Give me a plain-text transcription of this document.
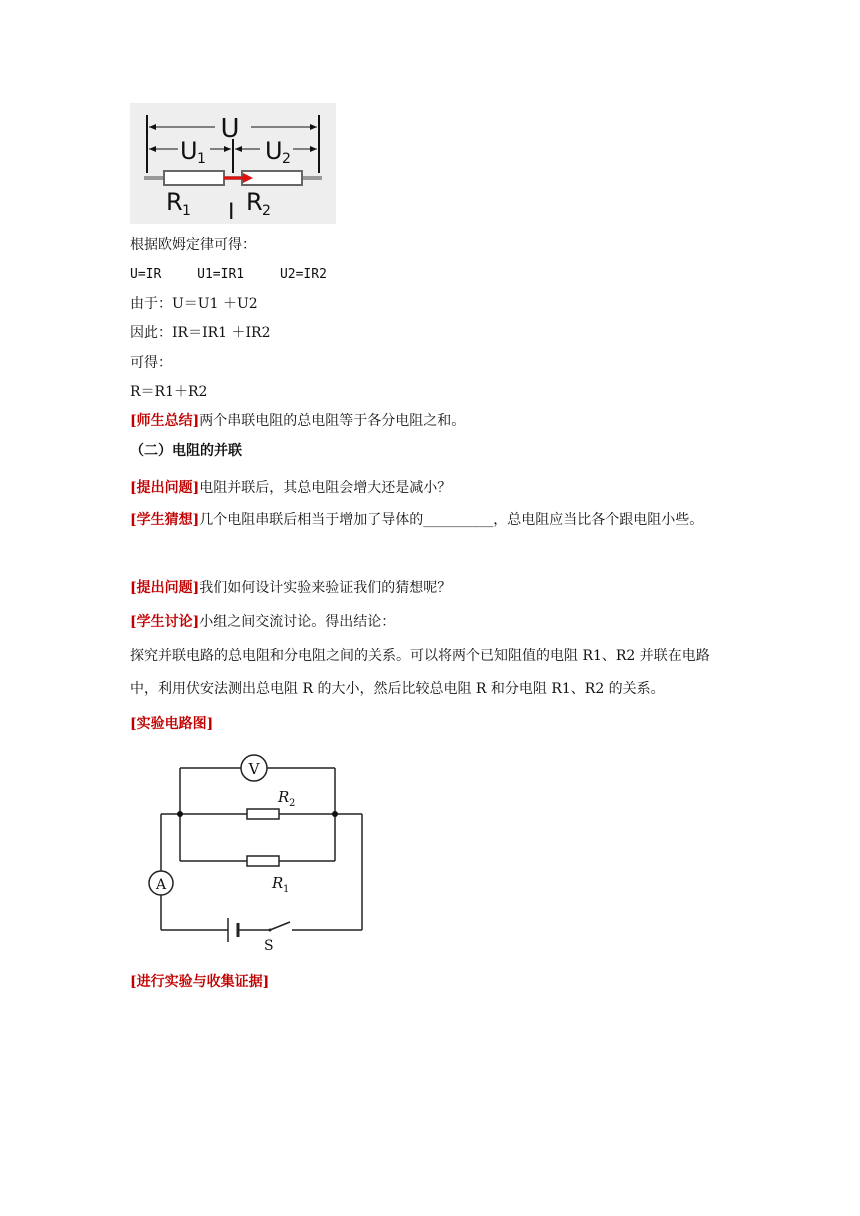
U
U 1 U 2
R 1 R 2
I
根据欧姆定律可得：
U=IR	U1=IR1	U2=IR2
由于：U＝U1 ＋U2
因此：IR＝IR1 ＋IR2
可得：
R＝R1＋R2
[师生总结]两个串联电阻的总电阻等于各分电阻之和。
（二）电阻的并联
[提出问题]电阻并联后，其总电阻会增大还是减小？
[学生猜想]几个电阻串联后相当于增加了导体的__________，总电阻应当比各个跟电阻小些。
[提出问题]我们如何设计实验来验证我们的猜想呢？
[学生讨论]小组之间交流讨论。得出结论：
探究并联电路的总电阻和分电阻之间的关系。可以将两个已知阻值的电阻 R1、R2 并联在电路中，利用伏安法测出总电阻 R 的大小，然后比较总电阻 R 和分电阻 R1、R2 的关系。
[实验电路图]
V
A
R 2
R 1
S
[进行实验与收集证据]
